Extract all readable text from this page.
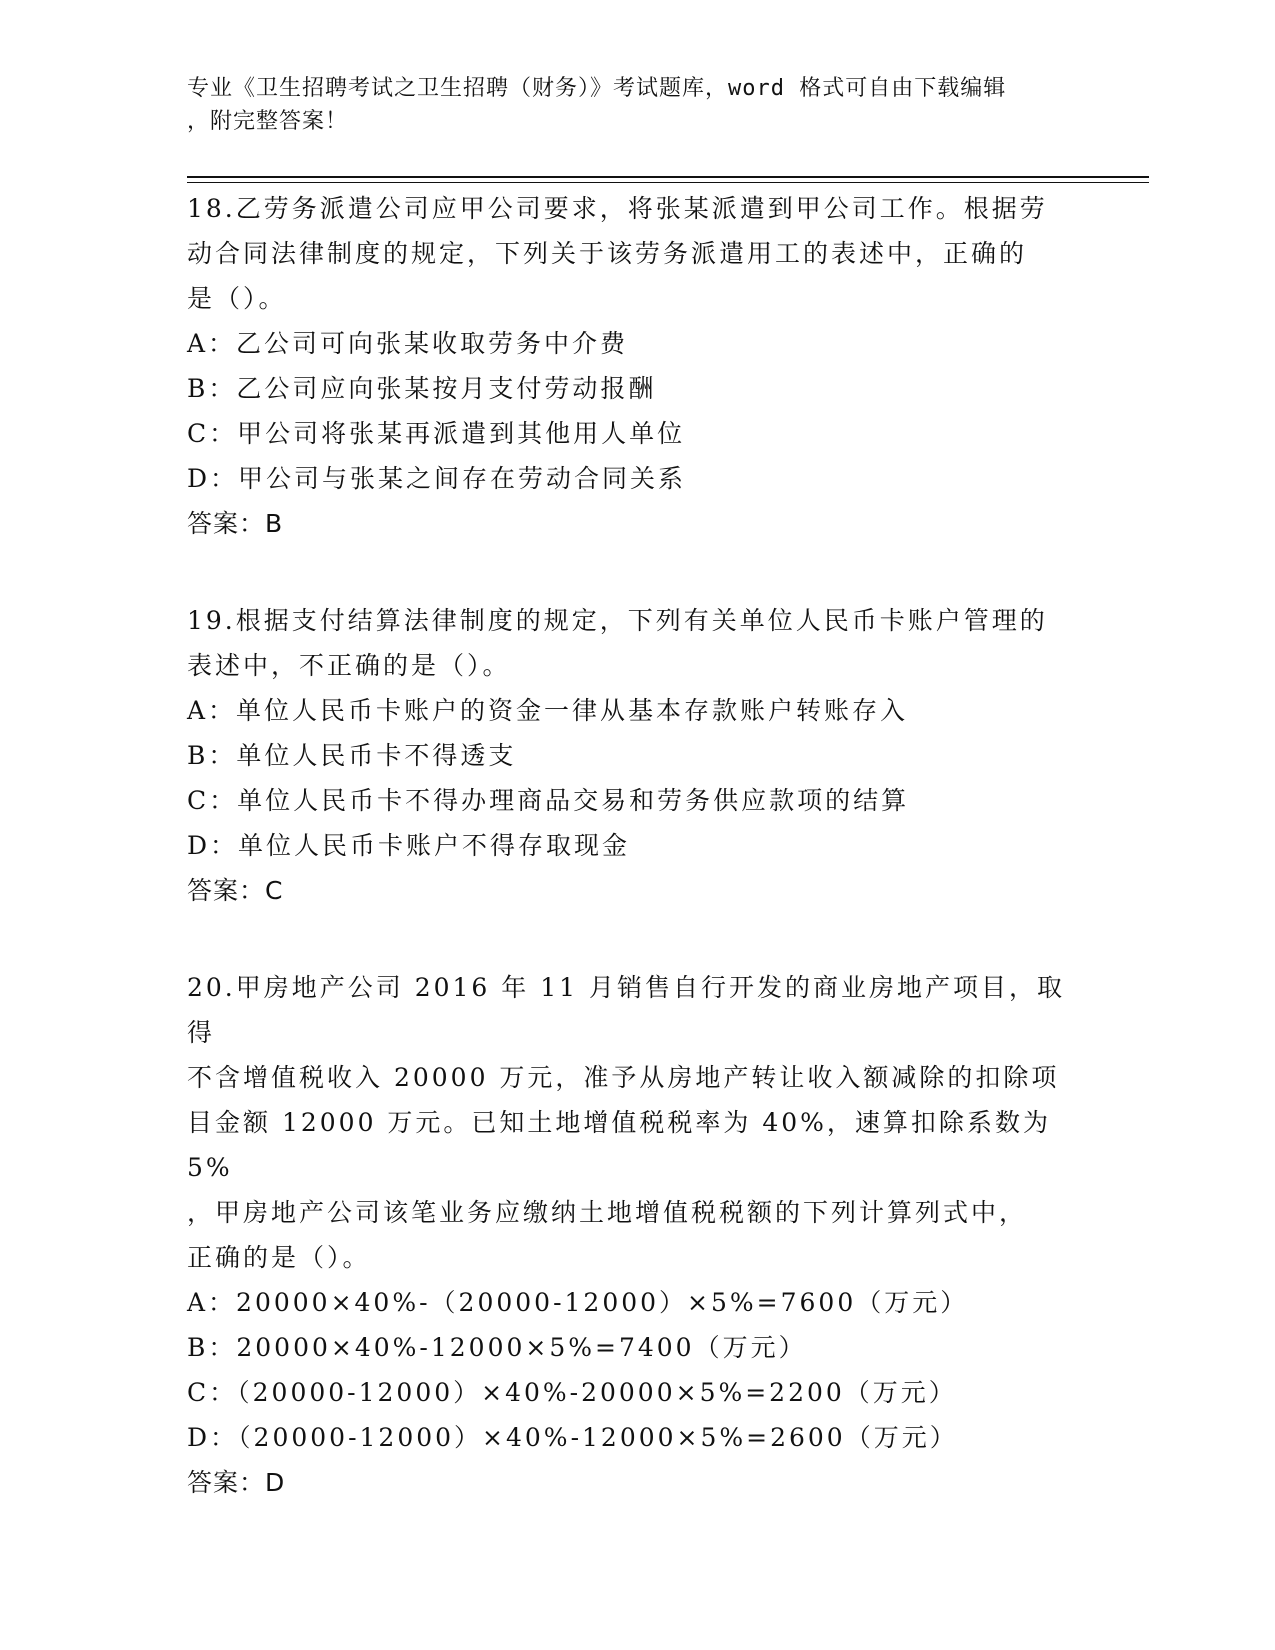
专业《卫生招聘考试之卫生招聘（财务）》考试题库，word 格式可自由下载编辑
，附完整答案！
18.乙劳务派遣公司应甲公司要求，将张某派遣到甲公司工作。根据劳
动合同法律制度的规定，下列关于该劳务派遣用工的表述中，正确的
是（）。
A：乙公司可向张某收取劳务中介费
B：乙公司应向张某按月支付劳动报酬
C：甲公司将张某再派遣到其他用人单位
D：甲公司与张某之间存在劳动合同关系
答案：B
19.根据支付结算法律制度的规定，下列有关单位人民币卡账户管理的
表述中，不正确的是（）。
A：单位人民币卡账户的资金一律从基本存款账户转账存入
B：单位人民币卡不得透支
C：单位人民币卡不得办理商品交易和劳务供应款项的结算
D：单位人民币卡账户不得存取现金
答案：C
20.甲房地产公司 2016 年 11 月销售自行开发的商业房地产项目，取得
不含增值税收入 20000 万元，准予从房地产转让收入额减除的扣除项
目金额 12000 万元。已知土地增值税税率为 40%，速算扣除系数为 5%
，甲房地产公司该笔业务应缴纳土地增值税税额的下列计算列式中，
正确的是（）。
A：20000×40%-（20000-12000）×5%=7600（万元）
B：20000×40%-12000×5%=7400（万元）
C：（20000-12000）×40%-20000×5%=2200（万元）
D：（20000-12000）×40%-12000×5%=2600（万元）
答案：D
